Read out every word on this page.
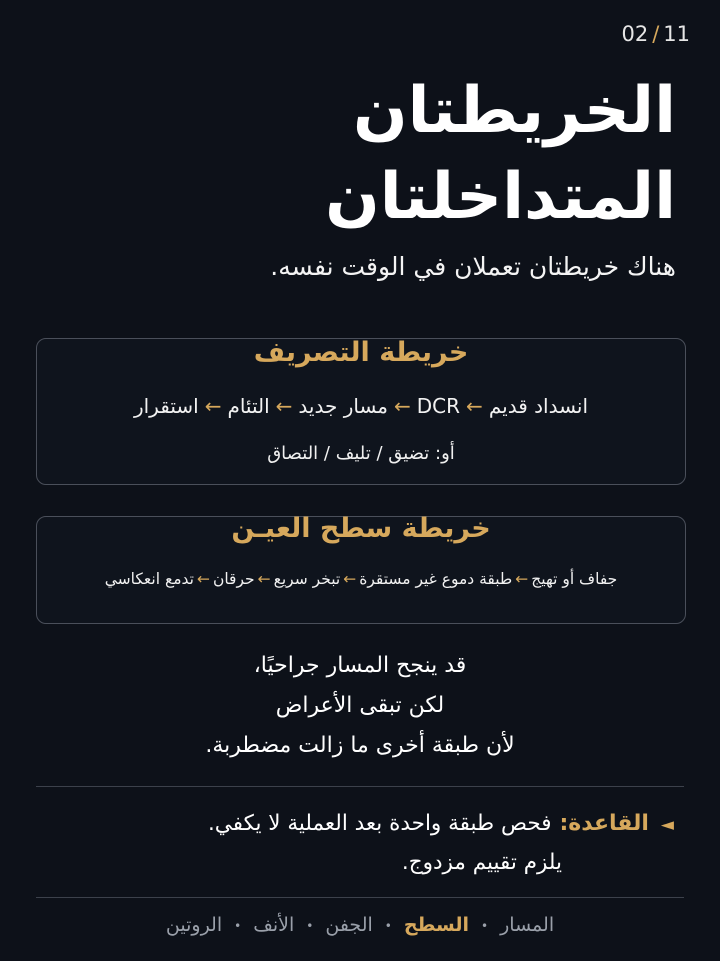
02 / 11
الخريطتان
المتداخلتان
هناك خريطتان تعملان في الوقت نفسه.
خريطة التصريف
انسداد قديم←DCR←مسار جديد←التئام←استقرار
أو: تضيق / تليف / التصاق
خريطة سطح العيـن
جفاف أو تهيج←طبقة دموع غير مستقرة←تبخر سريع←حرقان←تدمع انعكاسي
قد ينجح المسار جراحيًا،
لكن تبقى الأعراض
لأن طبقة أخرى ما زالت مضطربة.
◄القاعدة:فحص طبقة واحدة بعد العملية لا يكفي.
يلزم تقييم مزدوج.
المسار•السطح•الجفن•الأنف•الروتين
